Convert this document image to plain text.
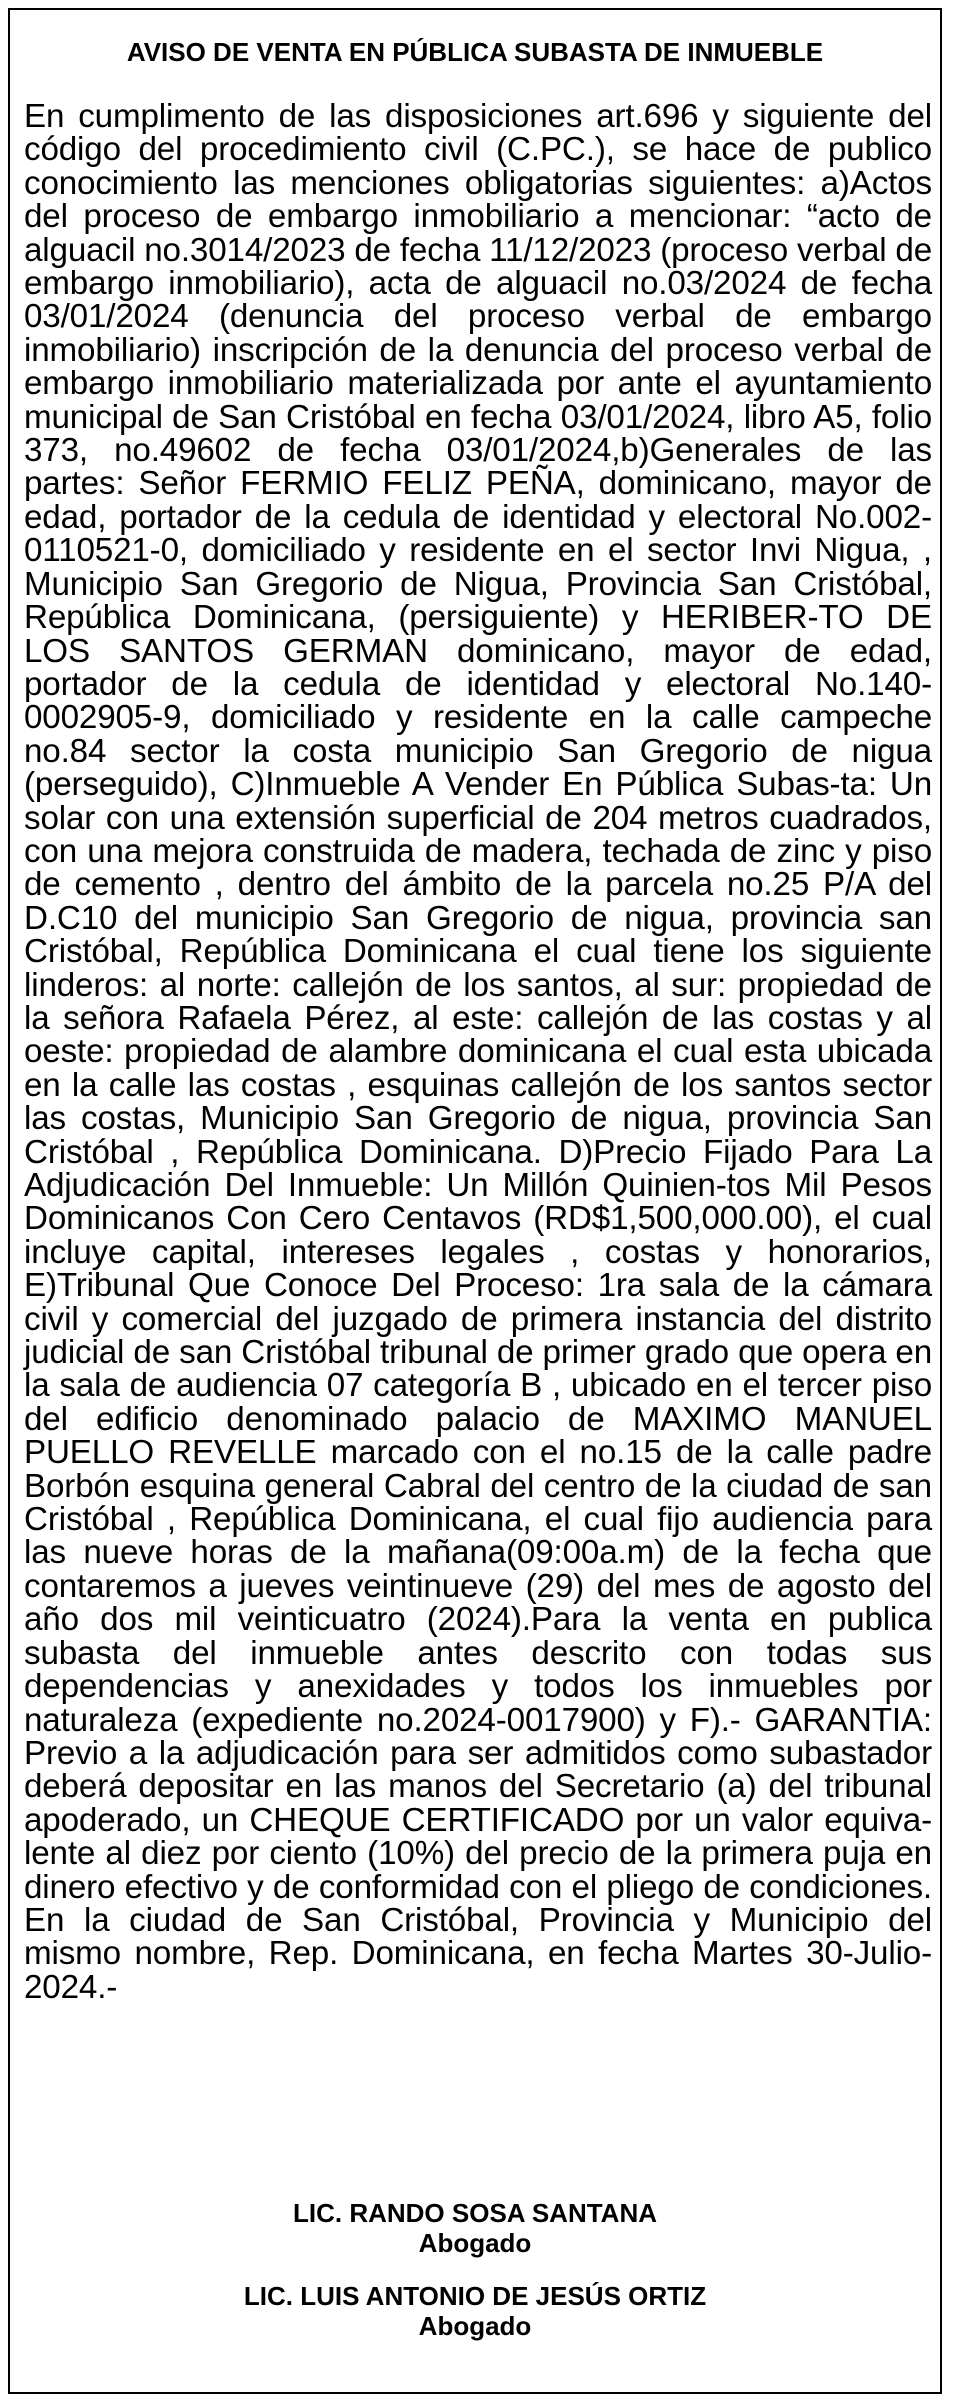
AVISO DE VENTA EN PÚBLICA SUBASTA DE INMUEBLE

En cumplimento de las disposiciones art.696 y siguiente del código del procedimiento civil (C.PC.), se hace de publico conocimiento las menciones obligatorias siguientes: a)Actos del proceso de embargo inmobiliario a mencionar: “acto de alguacil no.3014/2023 de fecha 11/12/2023 (proceso verbal de embargo inmobiliario), acta de alguacil no.03/2024 de fecha 03/01/2024 (denuncia del proceso verbal de embargo inmobiliario) inscripción de la denuncia del proceso verbal de embargo inmobiliario materializada por ante el ayuntamiento municipal de San Cristóbal en fecha 03/01/2024, libro A5, folio 373, no.49602 de fecha 03/01/2024,b)Generales de las partes: Señor FERMIO FELIZ PEÑA, dominicano, mayor de edad, portador de la cedula de identidad y electoral No.002-0110521-0, domiciliado y residente en el sector Invi Nigua, , Municipio San Gregorio de Nigua, Provincia San Cristóbal, República Dominicana, (persiguiente) y HERIBER-TO DE LOS SANTOS GERMAN dominicano, mayor de edad, portador de la cedula de identidad y electoral No.140-0002905-9, domiciliado y residente en la calle campeche no.84 sector la costa municipio San Gregorio de nigua (perseguido), C)Inmueble A Vender En Pública Subas-ta: Un solar con una extensión superficial de 204 metros cuadrados, con una mejora construida de madera, techada de zinc y piso de cemento , dentro del ámbito de la parcela no.25 P/A del D.C10 del municipio San Gregorio de nigua, provincia san Cristóbal, República Dominicana el cual tiene los siguiente linderos: al norte: callejón de los santos, al sur: propiedad de la señora Rafaela Pérez, al este: callejón de las costas y al oeste: propiedad de alambre dominicana el cual esta ubicada en la calle las costas , esquinas callejón de los santos sector las costas, Municipio San Gregorio de nigua, provincia San Cristóbal , República Dominicana. D)Precio Fijado Para La Adjudicación Del Inmueble: Un Millón Quinien-tos Mil Pesos Dominicanos Con Cero Centavos (RD$1,500,000.00), el cual incluye capital, intereses legales , costas y honorarios, E)Tribunal Que Conoce Del Proceso: 1ra sala de la cámara civil y comercial del juzgado de primera instancia del distrito judicial de san Cristóbal tribunal de primer grado que opera en la sala de audiencia 07 categoría B , ubicado en el tercer piso del edificio denominado palacio de MAXIMO MANUEL PUELLO REVELLE marcado con el no.15 de la calle padre Borbón esquina general Cabral del centro de la ciudad de san Cristóbal , República Dominicana, el cual fijo audiencia para las nueve horas de la mañana(09:00a.m) de la fecha que contaremos a jueves veintinueve (29) del mes de agosto del año dos mil veinticuatro (2024).Para la venta en publica subasta del inmueble antes descrito con todas sus dependencias y anexidades y todos los inmuebles por naturaleza (expediente no.2024-0017900) y F).- GARANTIA: Previo a la adjudicación para ser admitidos como subastador deberá depositar en las manos del Secretario (a) del tribunal apoderado, un CHEQUE CERTIFICADO por un valor equiva-lente al diez por ciento (10%) del precio de la primera puja en dinero efectivo y de conformidad con el pliego de condiciones. En la ciudad de San Cristóbal, Provincia y Municipio del mismo nombre, Rep. Dominicana, en fecha Martes 30-Julio-2024.-

LIC. RANDO SOSA SANTANA
Abogado
LIC. LUIS ANTONIO DE JESÚS ORTIZ
Abogado
